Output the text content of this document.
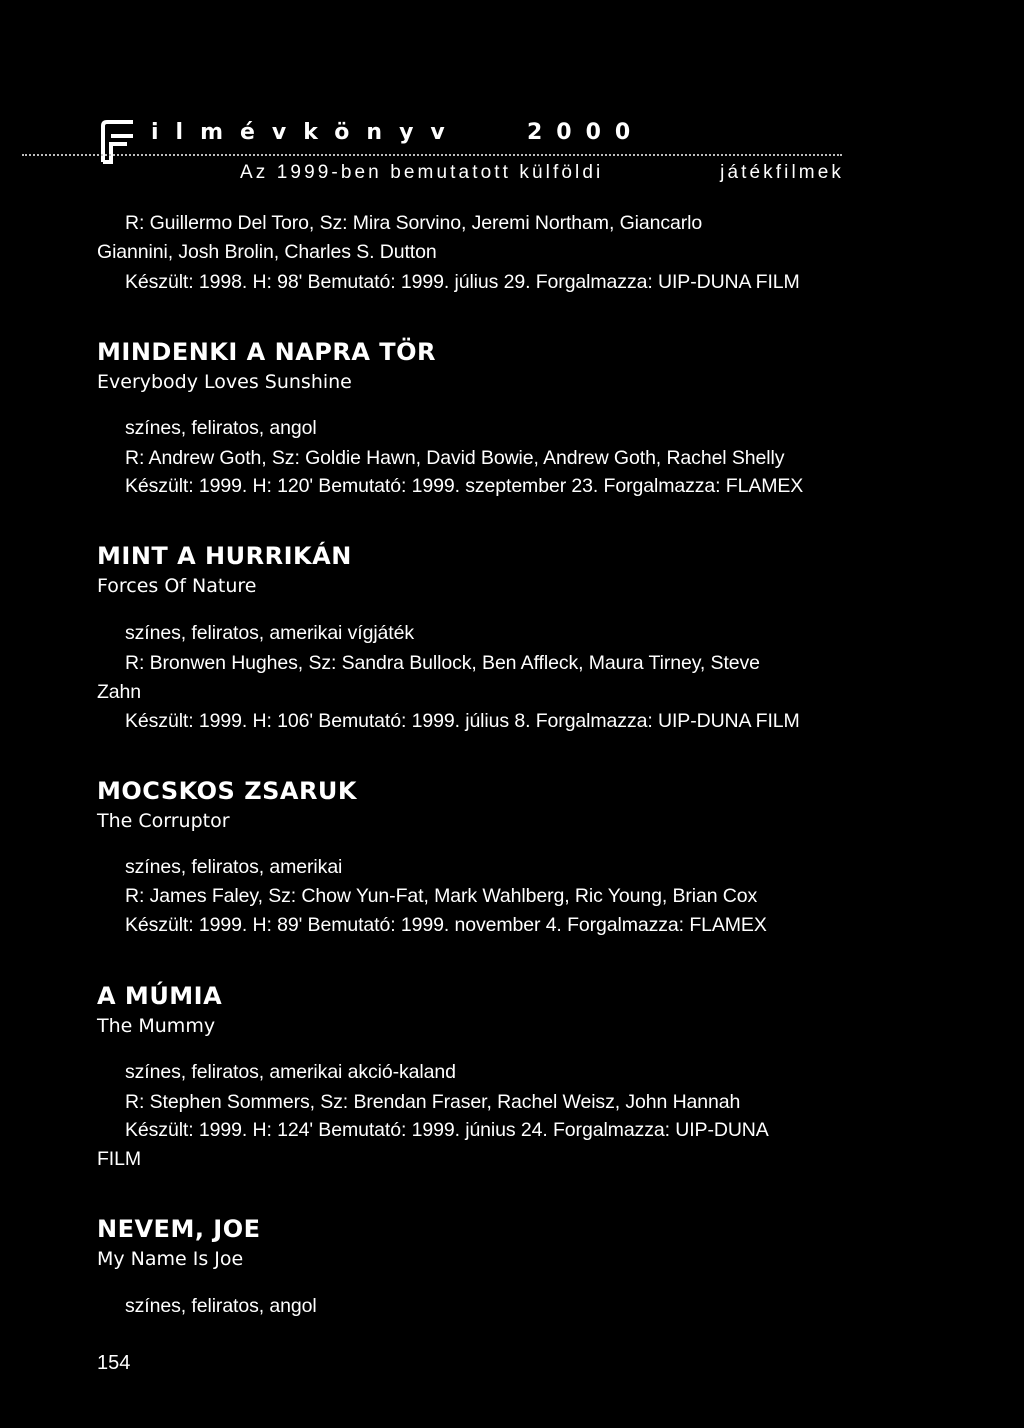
ilmévkönyv	2000
Az 1999-ben bemutatott külföldi	játékfilmek
R: Guillermo Del Toro, Sz: Mira Sorvino, Jeremi Northam, Giancarlo
Giannini, Josh Brolin, Charles S. Dutton
Készült: 1998. H: 98' Bemutató: 1999. július 29. Forgalmazza: UIP-DUNA FILM
MINDENKI A NAPRA TÖR
Everybody Loves Sunshine
színes, feliratos, angol
R: Andrew Goth, Sz: Goldie Hawn, David Bowie, Andrew Goth, Rachel Shelly
Készült: 1999. H: 120' Bemutató: 1999. szeptember 23. Forgalmazza: FLAMEX
MINT A HURRIKÁN
Forces Of Nature
színes, feliratos, amerikai vígjáték
R: Bronwen Hughes, Sz: Sandra Bullock, Ben Affleck, Maura Tirney, Steve
Zahn
Készült: 1999. H: 106' Bemutató: 1999. július 8. Forgalmazza: UIP-DUNA FILM
MOCSKOS ZSARUK
The Corruptor
színes, feliratos, amerikai
R: James Faley, Sz: Chow Yun-Fat, Mark Wahlberg, Ric Young, Brian Cox
Készült: 1999. H: 89' Bemutató: 1999. november 4. Forgalmazza: FLAMEX
A MÚMIA
The Mummy
színes, feliratos, amerikai akció-kaland
R: Stephen Sommers, Sz: Brendan Fraser, Rachel Weisz, John Hannah
Készült: 1999. H: 124' Bemutató: 1999. június 24. Forgalmazza: UIP-DUNA
FILM
NEVEM, JOE
My Name Is Joe
színes, feliratos, angol
154
